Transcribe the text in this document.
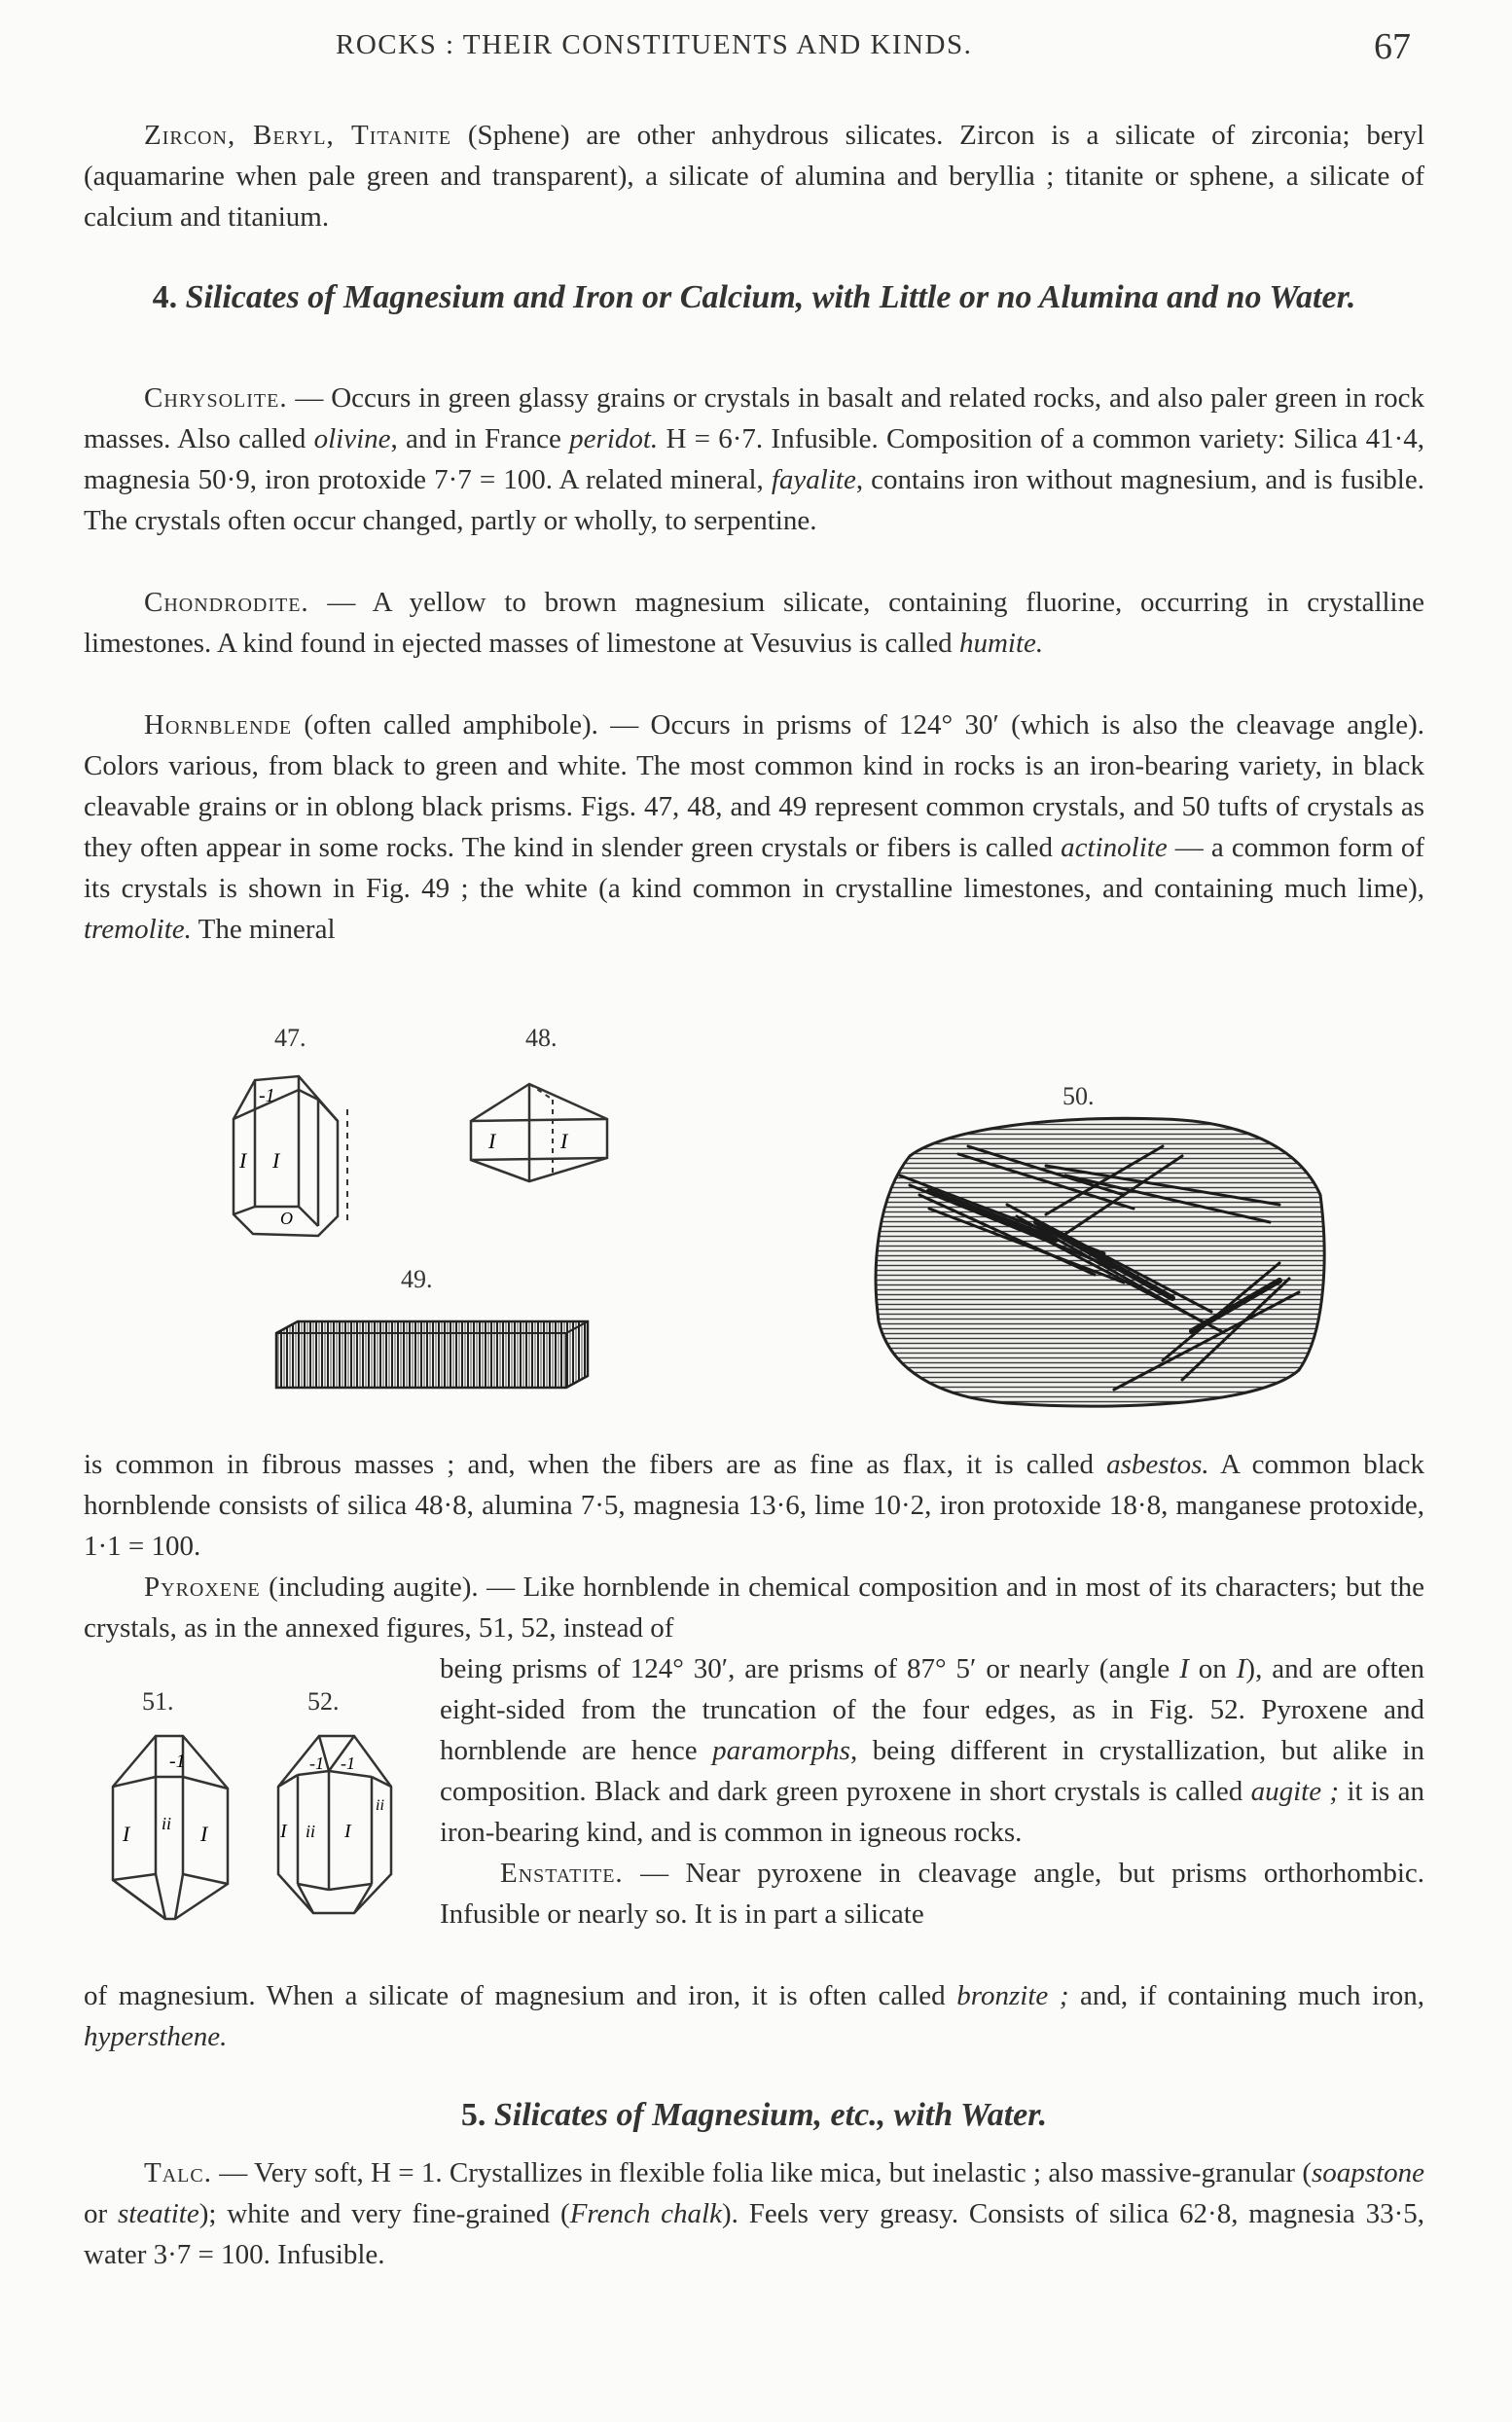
ROCKS : THEIR CONSTITUENTS AND KINDS.	67

Zircon, Beryl, Titanite (Sphene) are other anhydrous silicates. Zircon is a silicate of zirconia; beryl (aquamarine when pale green and transparent), a silicate of alumina and beryllia ; titanite or sphene, a silicate of calcium and titanium.

4. Silicates of Magnesium and Iron or Calcium, with Little or no Alumina and no Water.

Chrysolite. — Occurs in green glassy grains or crystals in basalt and related rocks, and also paler green in rock masses. Also called olivine, and in France peridot. H = 6·7. Infusible. Composition of a common variety: Silica 41·4, magnesia 50·9, iron protoxide 7·7 = 100. A related mineral, fayalite, contains iron without magnesium, and is fusible. The crystals often occur changed, partly or wholly, to serpentine.

Chondrodite. — A yellow to brown magnesium silicate, containing fluorine, occurring in crystalline limestones. A kind found in ejected masses of limestone at Vesuvius is called humite.

Hornblende (often called amphibole). — Occurs in prisms of 124° 30′ (which is also the cleavage angle). Colors various, from black to green and white. The most common kind in rocks is an iron-bearing variety, in black cleavable grains or in oblong black prisms. Figs. 47, 48, and 49 represent common crystals, and 50 tufts of crystals as they often appear in some rocks. The kind in slender green crystals or fibers is called actinolite — a common form of its crystals is shown in Fig. 49 ; the white (a kind common in crystalline limestones, and containing much lime), tremolite. The mineral

47.
-1
I I
O
48.
I	I
49.
50.

is common in fibrous masses ; and, when the fibers are as fine as flax, it is called asbestos. A common black hornblende consists of silica 48·8, alumina 7·5, magnesia 13·6, lime 10·2, iron protoxide 18·8, manganese protoxide, 1·1 = 100.

Pyroxene (including augite). — Like hornblende in chemical composition and in most of its characters; but the crystals, as in the annexed figures, 51, 52, instead of

51.	52.
-1
I ii I
-1 -1
I ii I
ii

being prisms of 124° 30′, are prisms of 87° 5′ or nearly (angle I on I), and are often eight-sided from the truncation of the four edges, as in Fig. 52. Pyroxene and hornblende are hence paramorphs, being different in crystallization, but alike in composition. Black and dark green pyroxene in short crystals is called augite ; it is an iron-bearing kind, and is common in igneous rocks.

Enstatite. — Near pyroxene in cleavage angle, but prisms orthorhombic. Infusible or nearly so. It is in part a silicate

of magnesium. When a silicate of magnesium and iron, it is often called bronzite ; and, if containing much iron, hypersthene.

5. Silicates of Magnesium, etc., with Water.

Talc. — Very soft, H = 1. Crystallizes in flexible folia like mica, but inelastic ; also massive-granular (soapstone or steatite); white and very fine-grained (French chalk). Feels very greasy. Consists of silica 62·8, magnesia 33·5, water 3·7 = 100. Infusible.
